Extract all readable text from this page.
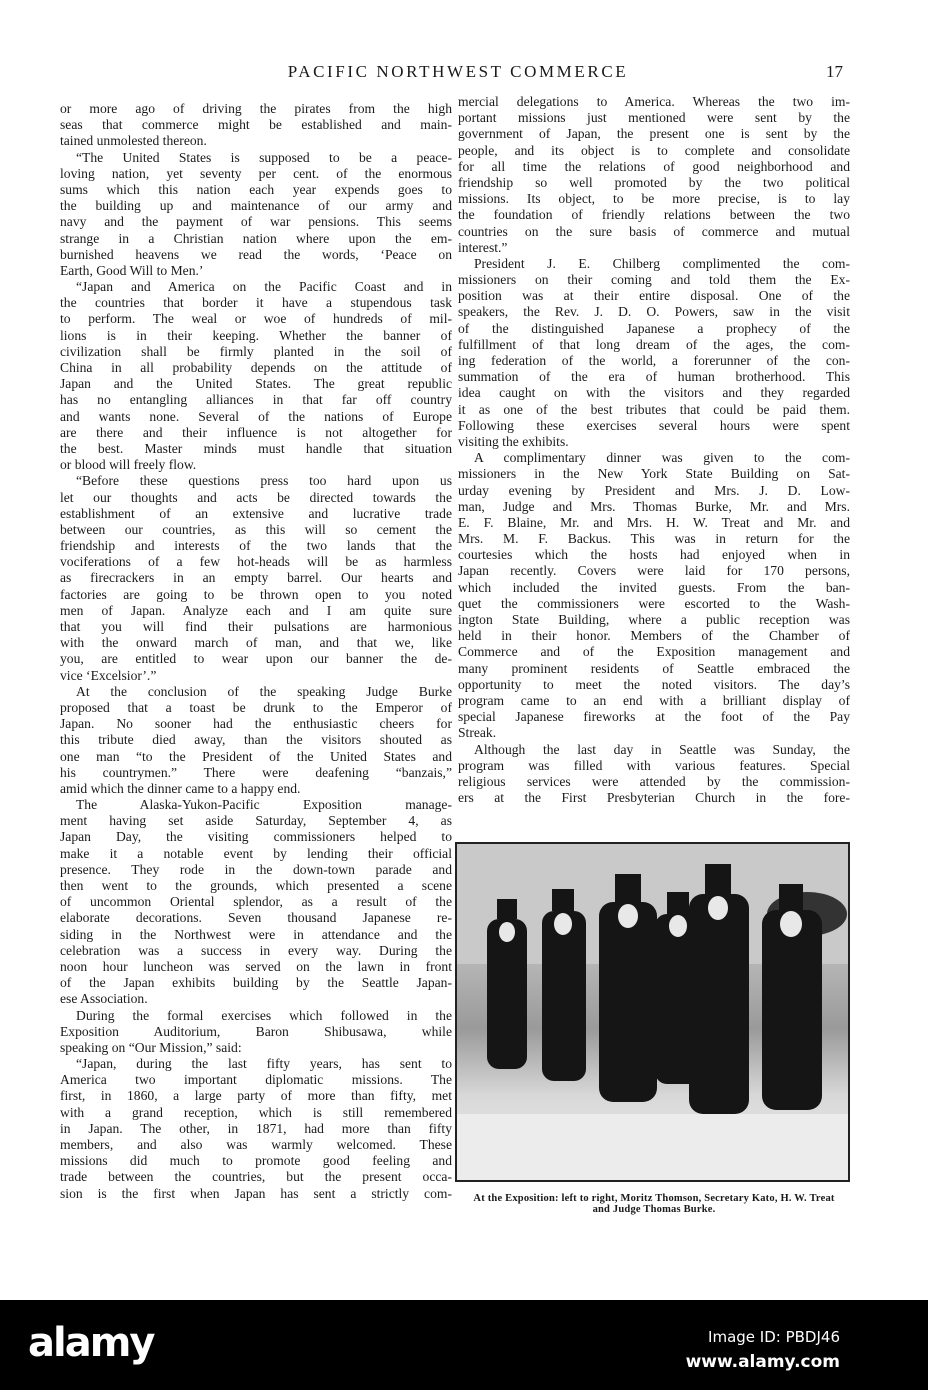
PACIFIC NORTHWEST COMMERCE	17
or more ago of driving the pirates from the high
seas that commerce might be established and main-
tained unmolested thereon.
“The United States is supposed to be a peace-
loving nation, yet seventy per cent. of the enormous
sums which this nation each year expends goes to
the building up and maintenance of our army and
navy and the payment of war pensions. This seems
strange in a Christian nation where upon the em-
burnished heavens we read the words, ‘Peace on
Earth, Good Will to Men.’
“Japan and America on the Pacific Coast and in
the countries that border it have a stupendous task
to perform. The weal or woe of hundreds of mil-
lions is in their keeping. Whether the banner of
civilization shall be firmly planted in the soil of
China in all probability depends on the attitude of
Japan and the United States. The great republic
has no entangling alliances in that far off country
and wants none. Several of the nations of Europe
are there and their influence is not altogether for
the best. Master minds must handle that situation
or blood will freely flow.
“Before these questions press too hard upon us
let our thoughts and acts be directed towards the
establishment of an extensive and lucrative trade
between our countries, as this will so cement the
friendship and interests of the two lands that the
vociferations of a few hot-heads will be as harmless
as firecrackers in an empty barrel. Our hearts and
factories are going to be thrown open to you noted
men of Japan. Analyze each and I am quite sure
that you will find their pulsations are harmonious
with the onward march of man, and that we, like
you, are entitled to wear upon our banner the de-
vice ‘Excelsior’.”
At the conclusion of the speaking Judge Burke
proposed that a toast be drunk to the Emperor of
Japan. No sooner had the enthusiastic cheers for
this tribute died away, than the visitors shouted as
one man “to the President of the United States and
his countrymen.” There were deafening “banzais,”
amid which the dinner came to a happy end.
The Alaska-Yukon-Pacific Exposition manage-
ment having set aside Saturday, September 4, as
Japan Day, the visiting commissioners helped to
make it a notable event by lending their official
presence. They rode in the down-town parade and
then went to the grounds, which presented a scene
of uncommon Oriental splendor, as a result of the
elaborate decorations. Seven thousand Japanese re-
siding in the Northwest were in attendance and the
celebration was a success in every way. During the
noon hour luncheon was served on the lawn in front
of the Japan exhibits building by the Seattle Japan-
ese Association.
During the formal exercises which followed in the
Exposition Auditorium, Baron Shibusawa, while
speaking on “Our Mission,” said:
“Japan, during the last fifty years, has sent to
America two important diplomatic missions. The
first, in 1860, a large party of more than fifty, met
with a grand reception, which is still remembered
in Japan. The other, in 1871, had more than fifty
members, and also was warmly welcomed. These
missions did much to promote good feeling and
trade between the countries, but the present occa-
sion is the first when Japan has sent a strictly com-
mercial delegations to America. Whereas the two im-
portant missions just mentioned were sent by the
government of Japan, the present one is sent by the
people, and its object is to complete and consolidate
for all time the relations of good neighborhood and
friendship so well promoted by the two political
missions. Its object, to be more precise, is to lay
the foundation of friendly relations between the two
countries on the sure basis of commerce and mutual
interest.”
President J. E. Chilberg complimented the com-
missioners on their coming and told them the Ex-
position was at their entire disposal. One of the
speakers, the Rev. J. D. O. Powers, saw in the visit
of the distinguished Japanese a prophecy of the
fulfillment of that long dream of the ages, the com-
ing federation of the world, a forerunner of the con-
summation of the era of human brotherhood. This
idea caught on with the visitors and they regarded
it as one of the best tributes that could be paid them.
Following these exercises several hours were spent
visiting the exhibits.
A complimentary dinner was given to the com-
missioners in the New York State Building on Sat-
urday evening by President and Mrs. J. D. Low-
man, Judge and Mrs. Thomas Burke, Mr. and Mrs.
E. F. Blaine, Mr. and Mrs. H. W. Treat and Mr. and
Mrs. M. F. Backus. This was in return for the
courtesies which the hosts had enjoyed when in
Japan recently. Covers were laid for 170 persons,
which included the invited guests. From the ban-
quet the commissioners were escorted to the Wash-
ington State Building, where a public reception was
held in their honor. Members of the Chamber of
Commerce and of the Exposition management and
many prominent residents of Seattle embraced the
opportunity to meet the noted visitors. The day’s
program came to an end with a brilliant display of
special Japanese fireworks at the foot of the Pay
Streak.
Although the last day in Seattle was Sunday, the
program was filled with various features. Special
religious services were attended by the commission-
ers at the First Presbyterian Church in the fore-
At the Exposition: left to right, Moritz Thomson, Secretary Kato, H. W. Treat
and Judge Thomas Burke.
alamy	Image ID: PBDJ46
www.alamy.com
